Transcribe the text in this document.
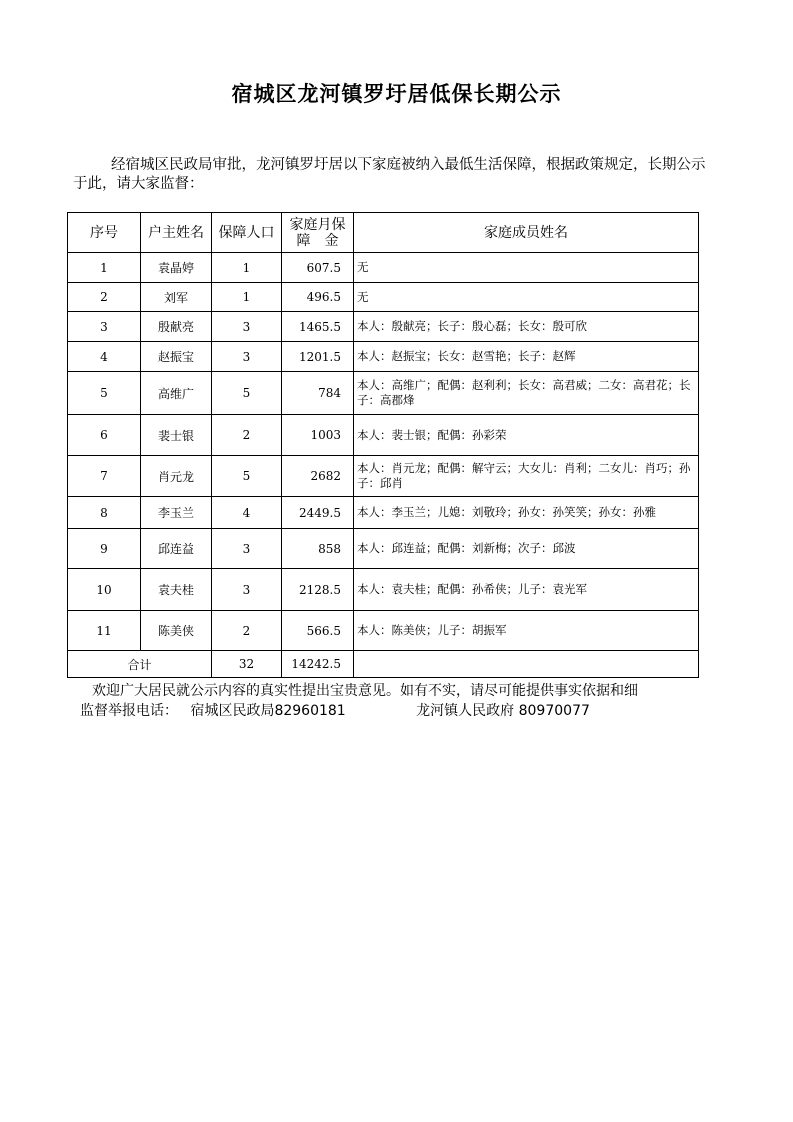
宿城区龙河镇罗圩居低保长期公示
经宿城区民政局审批，龙河镇罗圩居以下家庭被纳入最低生活保障，根据政策规定，长期公示于此，请大家监督：
序号	户主姓名	保障人口	家庭月保
障　金	家庭成员姓名
1	袁晶婷	1	607.5	无
2	刘军	1	496.5	无
3	殷献亮	3	1465.5	本人：殷献亮；长子：殷心磊；长女：殷可欣
4	赵振宝	3	1201.5	本人：赵振宝；长女：赵雪艳；长子：赵辉
5	高维广	5	784	本人：高维广；配偶：赵利利；长女：高君威；二女：高君花；长子：高郡烽
6	裴士银	2	1003	本人：裴士银；配偶：孙彩荣
7	肖元龙	5	2682	本人：肖元龙；配偶：解守云；大女儿：肖利；二女儿：肖巧；孙子：邱肖
8	李玉兰	4	2449.5	本人：李玉兰；儿媳：刘敬玲；孙女：孙笑笑；孙女：孙雅
9	邱连益	3	858	本人：邱连益；配偶：刘新梅；次子：邱波
10	袁夫桂	3	2128.5	本人：袁夫桂；配偶：孙希侠；儿子：袁光军
11	陈美侠	2	566.5	本人：陈美侠；儿子：胡振军
合计		32	14242.5	
欢迎广大居民就公示内容的真实性提出宝贵意见。如有不实，请尽可能提供事实依据和细
监督举报电话： 宿城区民政局82960181	龙河镇人民政府 80970077
